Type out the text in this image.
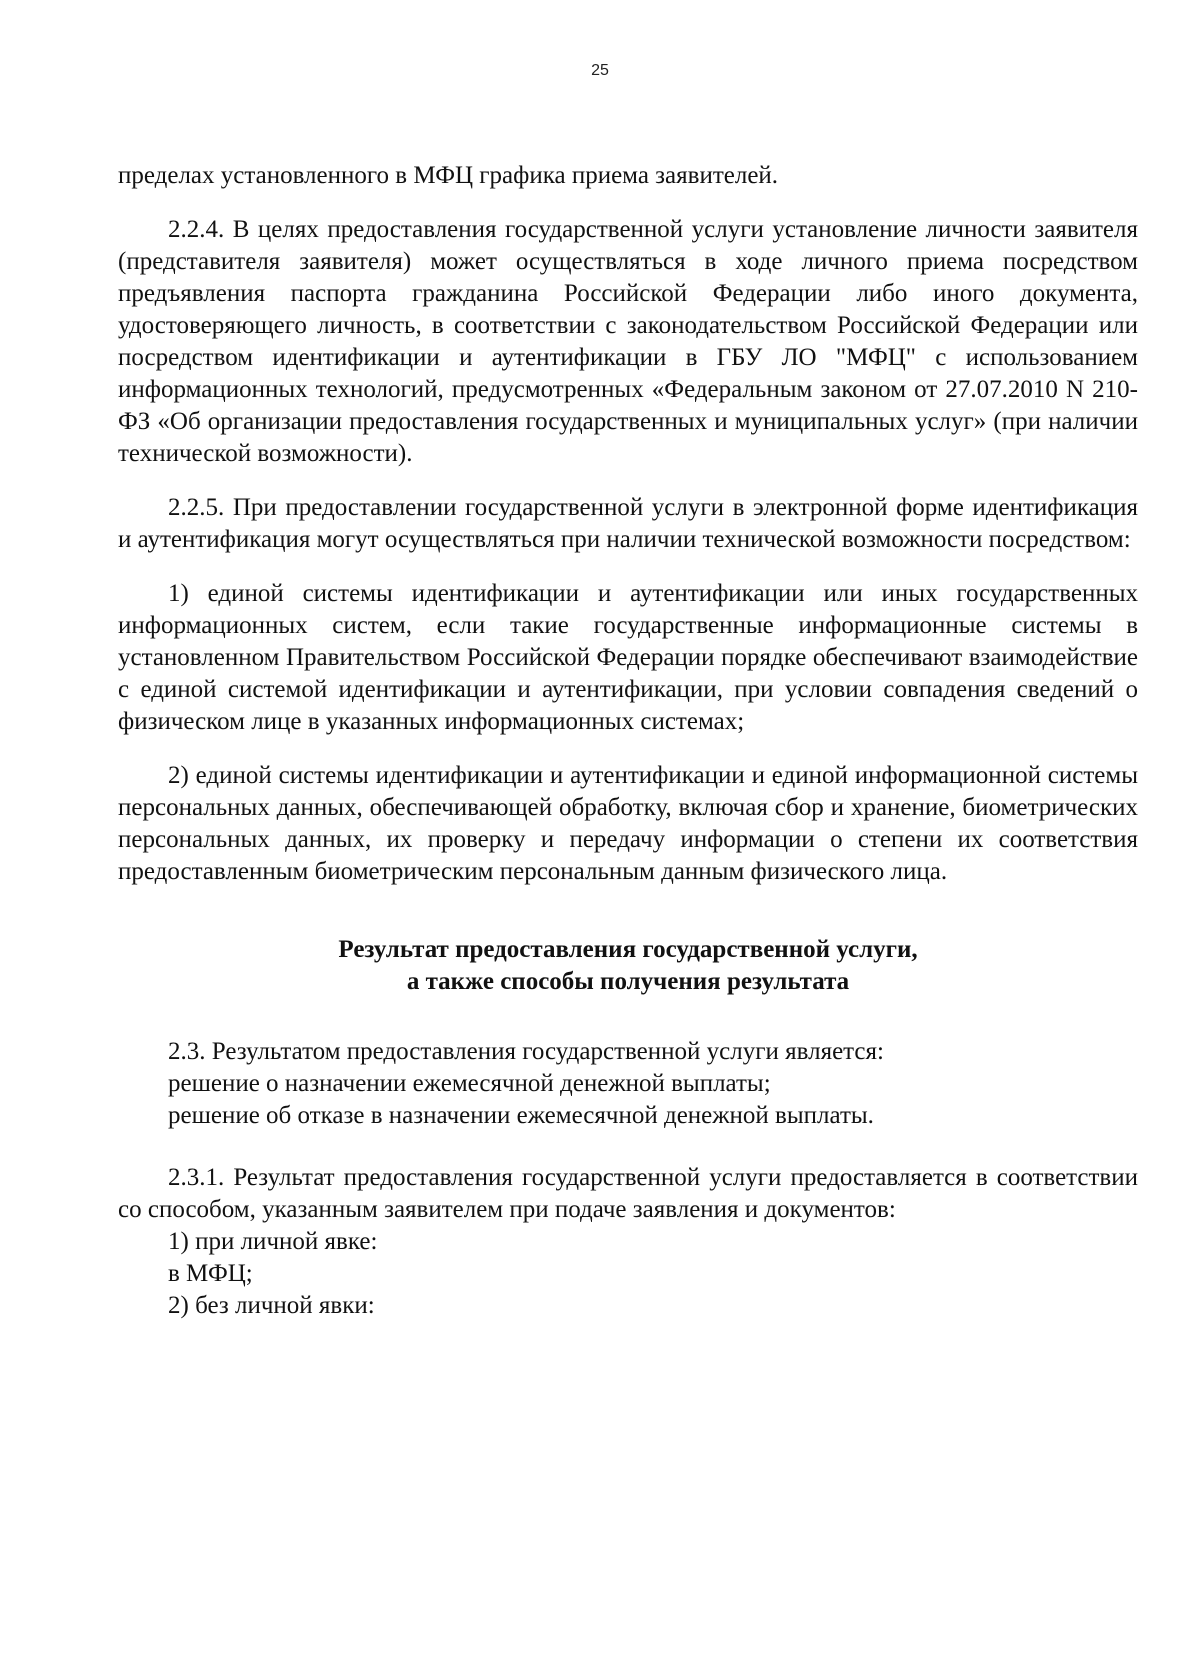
25

пределах установленного в МФЦ графика приема заявителей.

2.2.4. В целях предоставления государственной услуги установление личности заявителя (представителя заявителя) может осуществляться в ходе личного приема посредством предъявления паспорта гражданина Российской Федерации либо иного документа, удостоверяющего личность, в соответствии с законодательством Российской Федерации или посредством идентификации и аутентификации в ГБУ ЛО "МФЦ" с использованием информационных технологий, предусмотренных «Федеральным законом от 27.07.2010 N 210-ФЗ «Об организации предоставления государственных и муниципальных услуг» (при наличии технической возможности).

2.2.5. При предоставлении государственной услуги в электронной форме идентификация и аутентификация могут осуществляться при наличии технической возможности посредством:

1) единой системы идентификации и аутентификации или иных государственных информационных систем, если такие государственные информационные системы в установленном Правительством Российской Федерации порядке обеспечивают взаимодействие с единой системой идентификации и аутентификации, при условии совпадения сведений о физическом лице в указанных информационных системах;

2) единой системы идентификации и аутентификации и единой информационной системы персональных данных, обеспечивающей обработку, включая сбор и хранение, биометрических персональных данных, их проверку и передачу информации о степени их соответствия предоставленным биометрическим персональным данным физического лица.

Результат предоставления государственной услуги,
а также способы получения результата

2.3. Результатом предоставления государственной услуги является:

решение о назначении ежемесячной денежной выплаты;

решение об отказе в назначении ежемесячной денежной выплаты.

2.3.1. Результат предоставления государственной услуги предоставляется в соответствии со способом, указанным заявителем при подаче заявления и документов:

1) при личной явке:

в МФЦ;

2) без личной явки:
